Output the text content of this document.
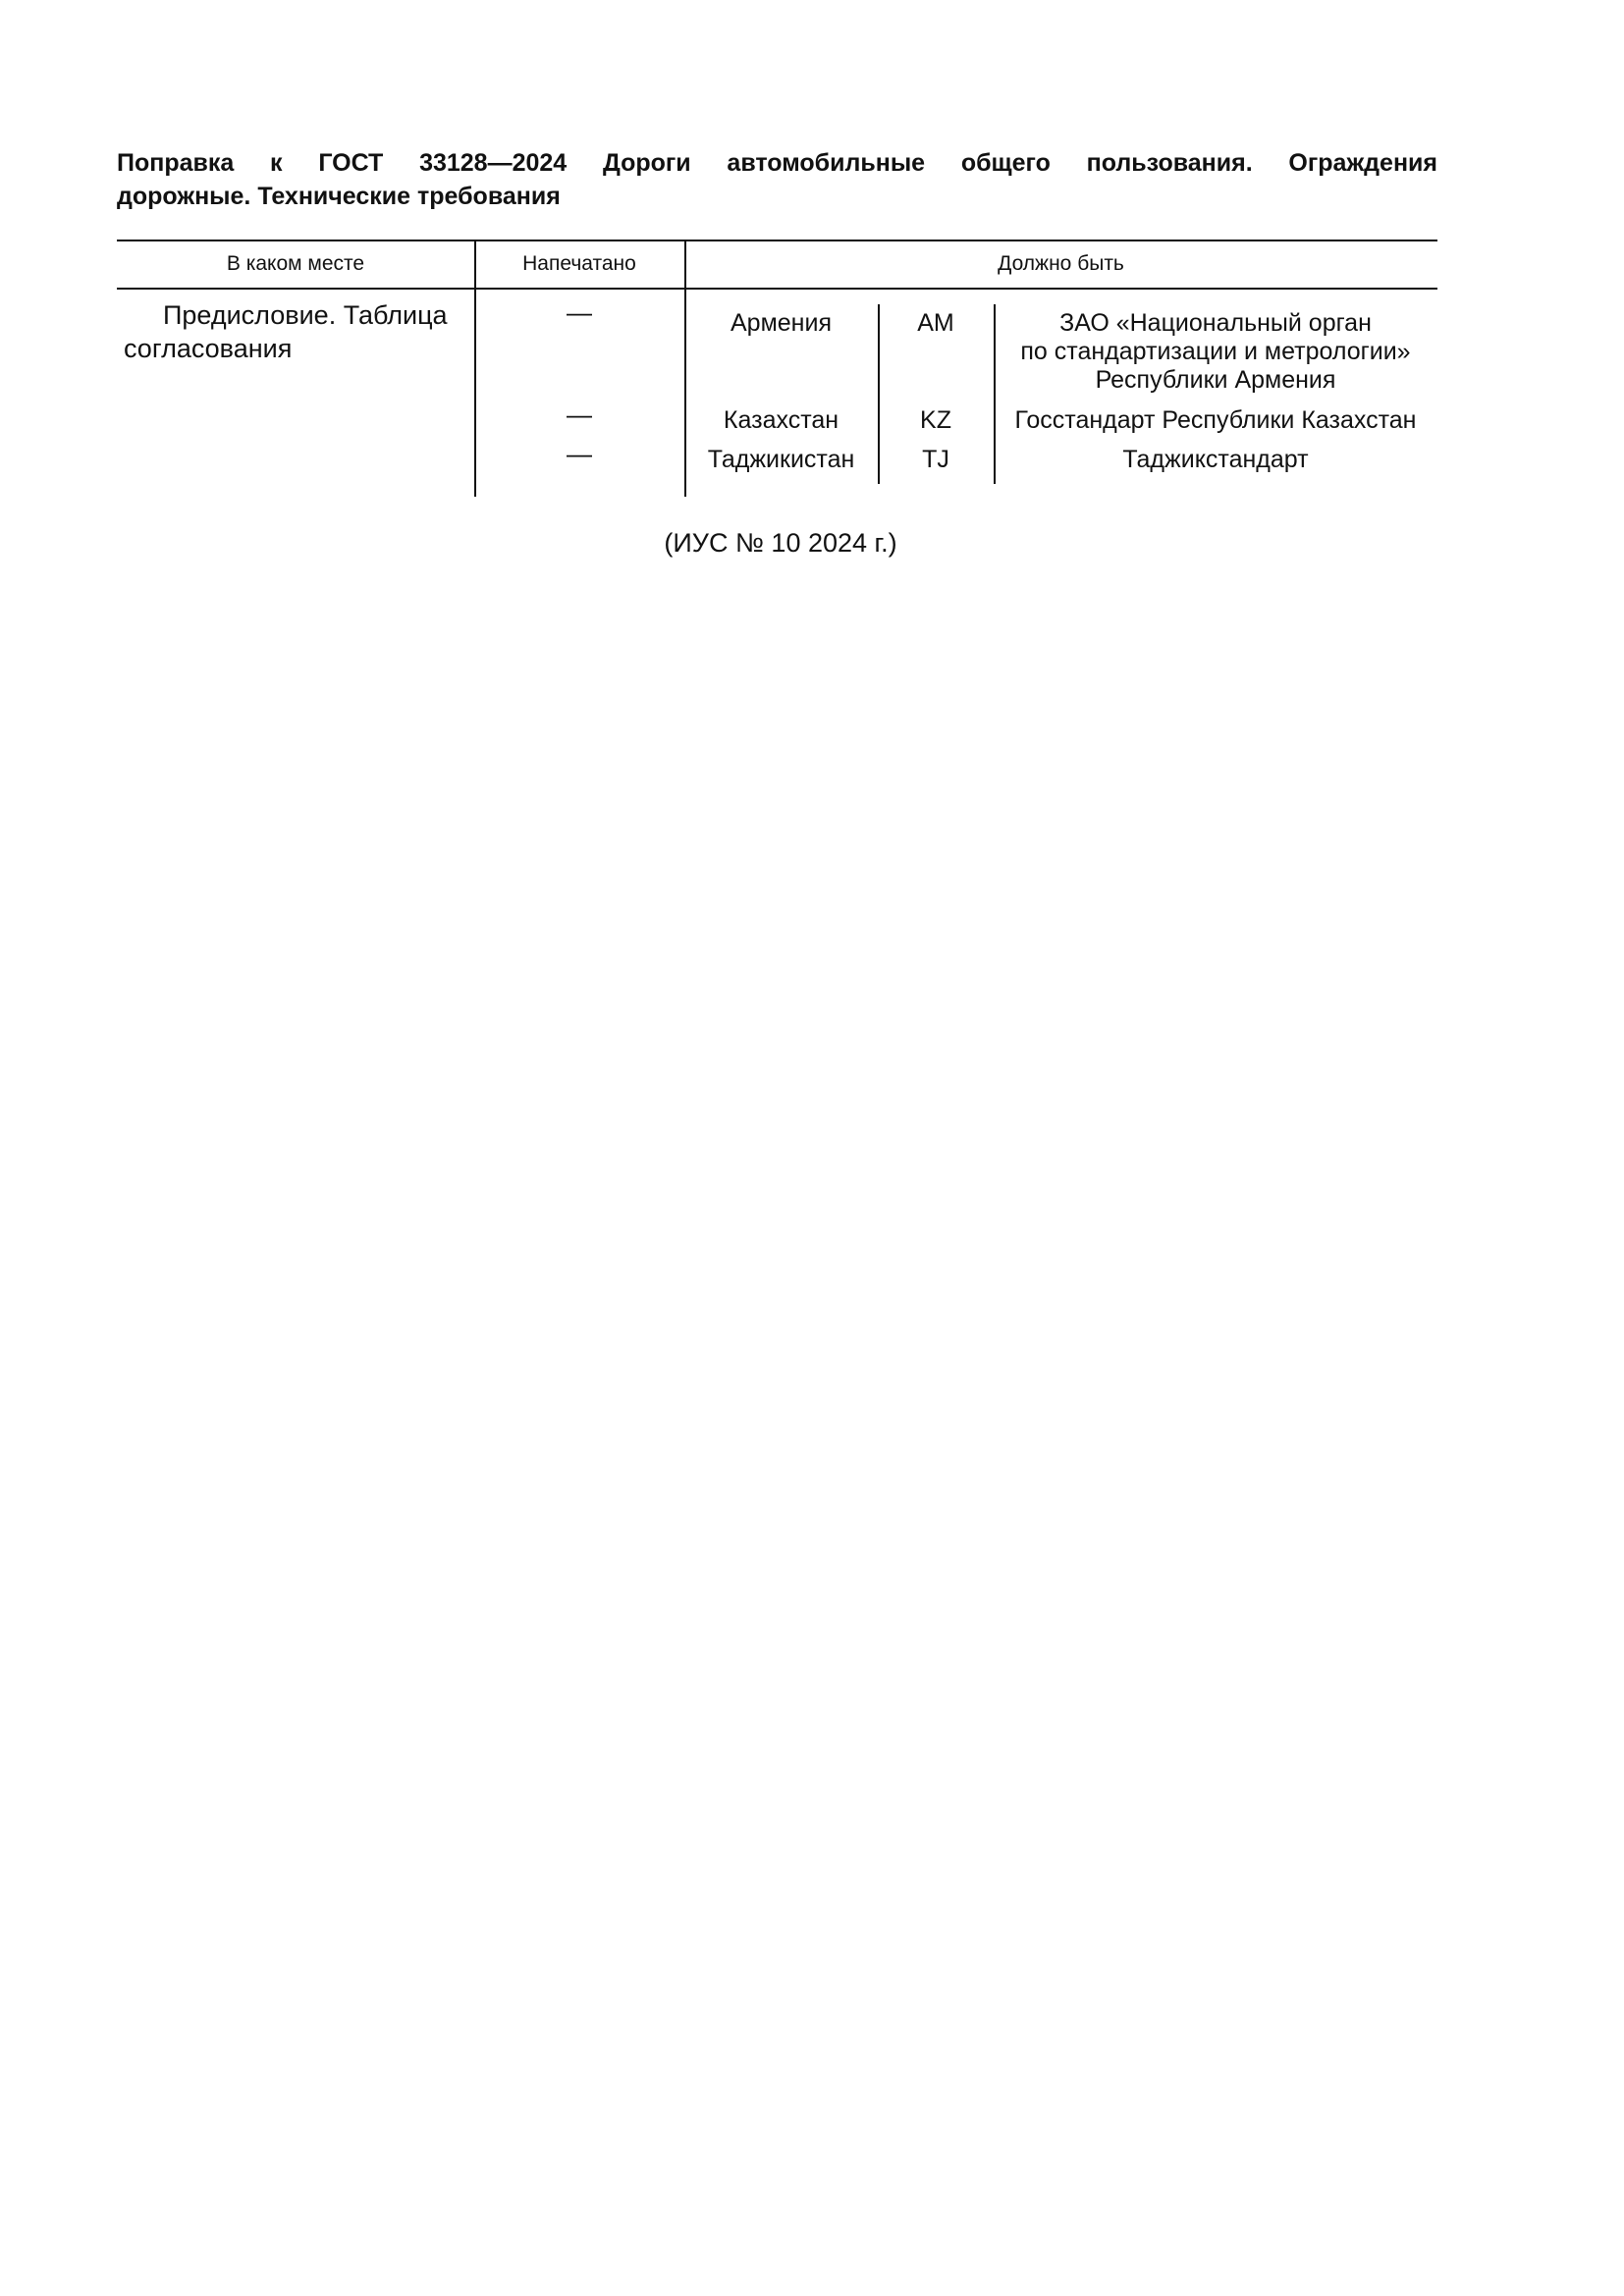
Поправка к ГОСТ 33128—2024 Дороги автомобильные общего пользования. Ограждения
дорожные. Технические требования
В каком месте	Напечатано	Должно быть
Предисловие. Таблица согласования
—	Армения	AM	ЗАО «Национальный орган
по стандартизации и метрологии»
Республики Армения
—	Казахстан	KZ	Госстандарт Республики Казахстан
—	Таджикистан	TJ	Таджикстандарт
(ИУС № 10 2024 г.)
